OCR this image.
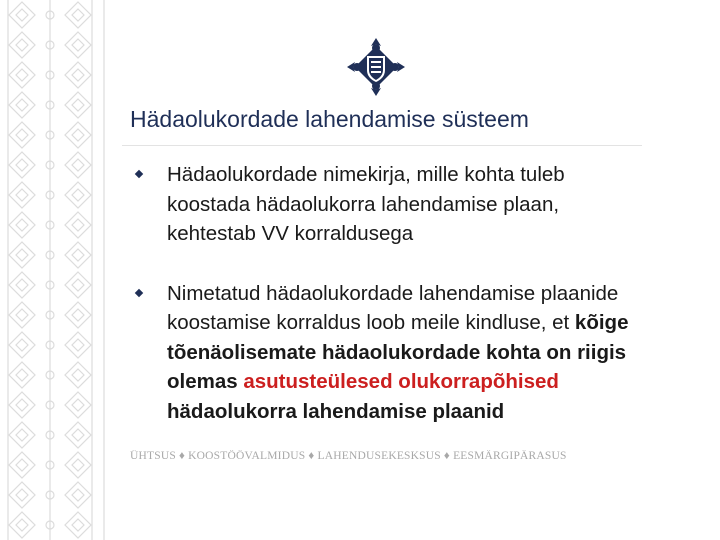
Hädaolukordade lahendamise süsteem
Hädaolukordade nimekirja, mille kohta tuleb koostada hädaolukorra lahendamise plaan, kehtestab VV korraldusega
Nimetatud hädaolukordade lahendamise plaanide koostamise korraldus loob meile kindluse, et kõige tõenäolisemate hädaolukordade kohta on riigis olemas asutusteülesed olukorrapõhised hädaolukorra lahendamise plaanid
ÜHTSUS ♦ KOOSTÖÖVALMIDUS ♦ LAHENDUSEKESKSUS ♦ EESMÄRGIPÄRASUS
